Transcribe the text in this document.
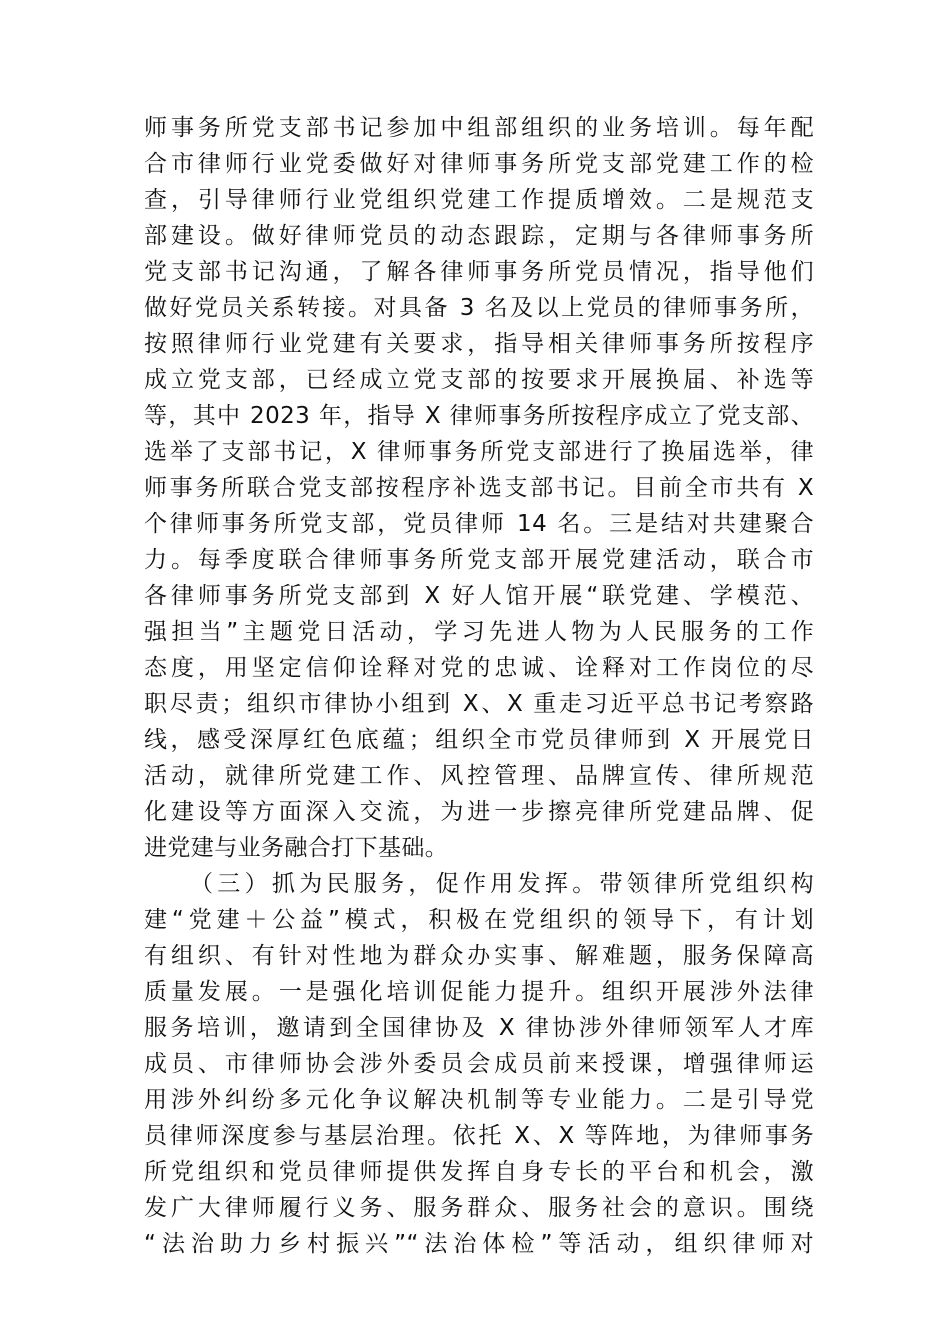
师事务所党支部书记参加中组部组织的业务培训。每年配
合市律师行业党委做好对律师事务所党支部党建工作的检
查，引导律师行业党组织党建工作提质增效。二是规范支
部建设。做好律师党员的动态跟踪，定期与各律师事务所
党支部书记沟通，了解各律师事务所党员情况，指导他们
做好党员关系转接。对具备 3 名及以上党员的律师事务所，
按照律师行业党建有关要求，指导相关律师事务所按程序
成立党支部，已经成立党支部的按要求开展换届、补选等
等，其中 2023 年，指导 X 律师事务所按程序成立了党支部、
选举了支部书记，X 律师事务所党支部进行了换届选举，律
师事务所联合党支部按程序补选支部书记。目前全市共有 X
个律师事务所党支部，党员律师 14 名。三是结对共建聚合
力。每季度联合律师事务所党支部开展党建活动，联合市
各律师事务所党支部到 X 好人馆开展“联党建、学模范、
强担当”主题党日活动，学习先进人物为人民服务的工作
态度，用坚定信仰诠释对党的忠诚、诠释对工作岗位的尽
职尽责；组织市律协小组到 X、X 重走习近平总书记考察路
线，感受深厚红色底蕴；组织全市党员律师到 X 开展党日
活动，就律所党建工作、风控管理、品牌宣传、律所规范
化建设等方面深入交流，为进一步擦亮律所党建品牌、促
进党建与业务融合打下基础。
（三）抓为民服务，促作用发挥。带领律所党组织构
建“党建＋公益”模式，积极在党组织的领导下，有计划
有组织、有针对性地为群众办实事、解难题，服务保障高
质量发展。一是强化培训促能力提升。组织开展涉外法律
服务培训，邀请到全国律协及 X 律协涉外律师领军人才库
成员、市律师协会涉外委员会成员前来授课，增强律师运
用涉外纠纷多元化争议解决机制等专业能力。二是引导党
员律师深度参与基层治理。依托 X、X 等阵地，为律师事务
所党组织和党员律师提供发挥自身专长的平台和机会，激
发广大律师履行义务、服务群众、服务社会的意识。围绕
“法治助力乡村振兴”“法治体检”等活动，组织律师对
